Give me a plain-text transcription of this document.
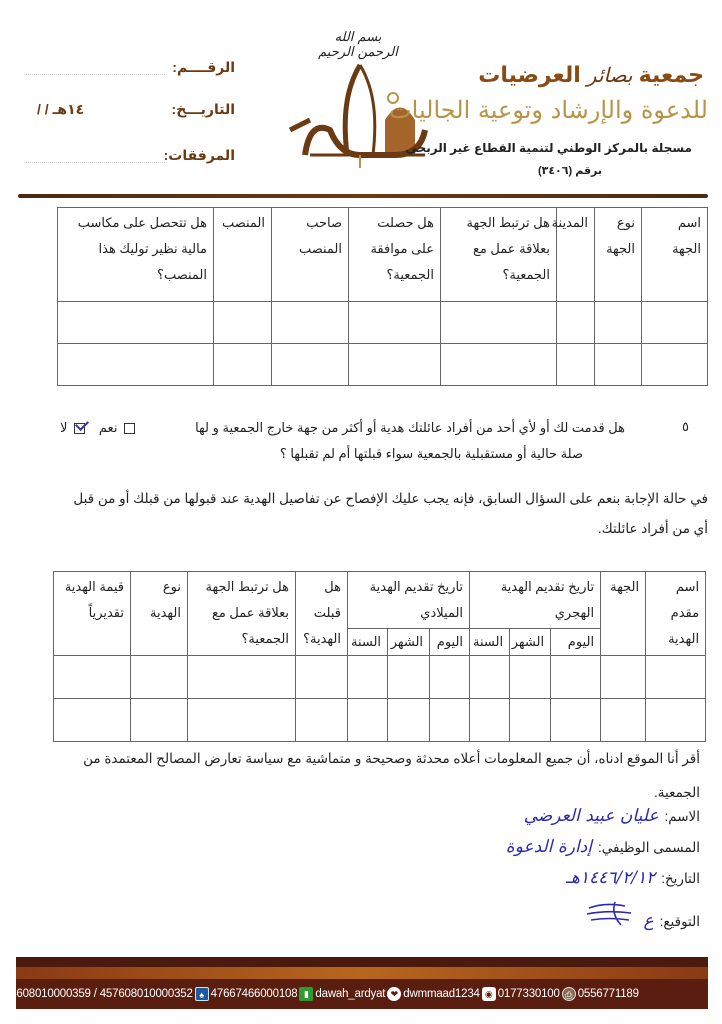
بسم الله الرحمن الرحيم
جمعية بصائر العرضيات
للدعوة والإرشاد وتوعية الجاليات
مسجلة بالمركز الوطني لتنمية القطاع غير الربحي
برقم (٣٤٠٦)
الرقــــم:
التاريـــخ:
/ / ١٤هـ
المرفقات:
اسم الجهة	نوع الجهة	المدينة	هل ترتبط الجهة بعلاقة عمل مع الجمعية؟	هل حصلت على موافقة الجمعية؟	صاحب المنصب	المنصب	هل تتحصل على مكاسب مالية نظير توليك هذا المنصب؟

٥
نعم    لا	هل قدمت لك أو لأي أحد من أفراد عائلتك هدية أو أكثر من جهة خارج الجمعية و لها
صلة حالية أو مستقبلية بالجمعية سواء قبلتها أم لم تقبلها ؟
في حالة الإجابة بنعم على السؤال السابق، فإنه يجب عليك الإفصاح عن تفاصيل الهدية عند قبولها من قبلك أو من قبل أي من أفراد عائلتك.
اسم مقدم الهدية	الجهة	تاريخ تقديم الهدية الهجري			تاريخ تقديم الهدية الميلادي			هل قبلت الهدية؟	هل ترتبط الجهة بعلاقة عمل مع الجمعية؟	نوع الهدية	قيمة الهدية تقديرياً
		اليوم	الشهر	السنة	اليوم	الشهر	السنة				

أقر أنا الموقع ادناه، أن جميع المعلومات أعلاه محدثة وصحيحة و متماشية مع سياسة تعارض المصالح المعتمدة من الجمعية.
الاسم:
عليان عبيد العرضي
المسمى الوظيفي:
إدارة الدعوة
التاريخ:
١٤٤٦/٢/١٢هـ
التوقيع:
ع
34608010000359 / 457608010000352 ♠ 47667466000108 ▮ dawah_ardyat ❤ dwmmaad1234 ◉ 0177330100 ⎙ 0556771189
